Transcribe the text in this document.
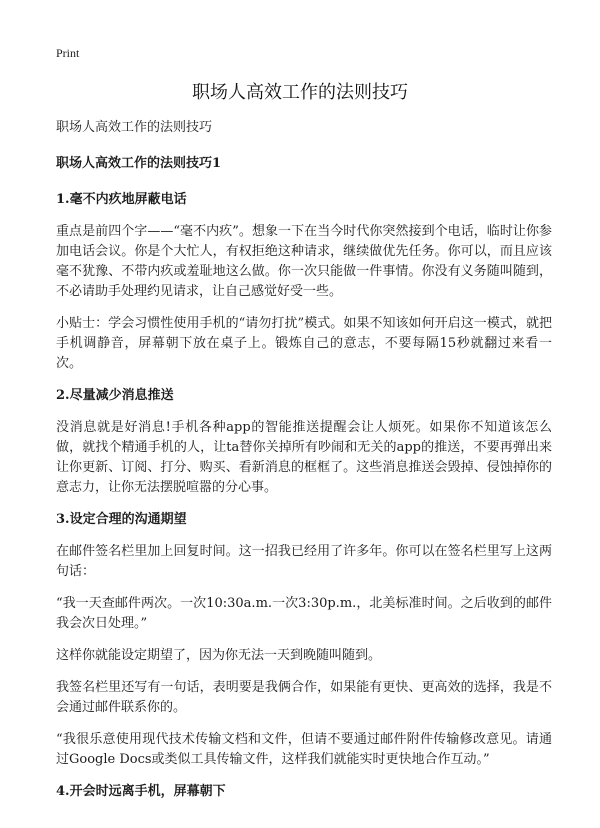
Print
职场人高效工作的法则技巧

职场人高效工作的法则技巧

职场人高效工作的法则技巧1

1.毫不内疚地屏蔽电话

重点是前四个字——“毫不内疚”。想象一下在当今时代你突然接到个电话，临时让你参加电话会议。你是个大忙人，有权拒绝这种请求，继续做优先任务。你可以，而且应该毫不犹豫、不带内疚或羞耻地这么做。你一次只能做一件事情。你没有义务随叫随到，不必请助手处理约见请求，让自己感觉好受一些。

小贴士：学会习惯性使用手机的“请勿打扰”模式。如果不知该如何开启这一模式，就把手机调静音，屏幕朝下放在桌子上。锻炼自己的意志，不要每隔15秒就翻过来看一次。

2.尽量减少消息推送

没消息就是好消息!手机各种app的智能推送提醒会让人烦死。如果你不知道该怎么做，就找个精通手机的人，让ta替你关掉所有吵闹和无关的app的推送，不要再弹出来让你更新、订阅、打分、购买、看新消息的框框了。这些消息推送会毁掉、侵蚀掉你的意志力，让你无法摆脱喧嚣的分心事。

3.设定合理的沟通期望

在邮件签名栏里加上回复时间。这一招我已经用了许多年。你可以在签名栏里写上这两句话：

“我一天查邮件两次。一次10:30a.m.一次3:30p.m.，北美标准时间。之后收到的邮件我会次日处理。”

这样你就能设定期望了，因为你无法一天到晚随叫随到。

我签名栏里还写有一句话，表明要是我俩合作，如果能有更快、更高效的选择，我是不会通过邮件联系你的。

“我很乐意使用现代技术传输文档和文件，但请不要通过邮件附件传输修改意见。请通过Google Docs或类似工具传输文件，这样我们就能实时更快地合作互动。”

4.开会时远离手机，屏幕朝下
